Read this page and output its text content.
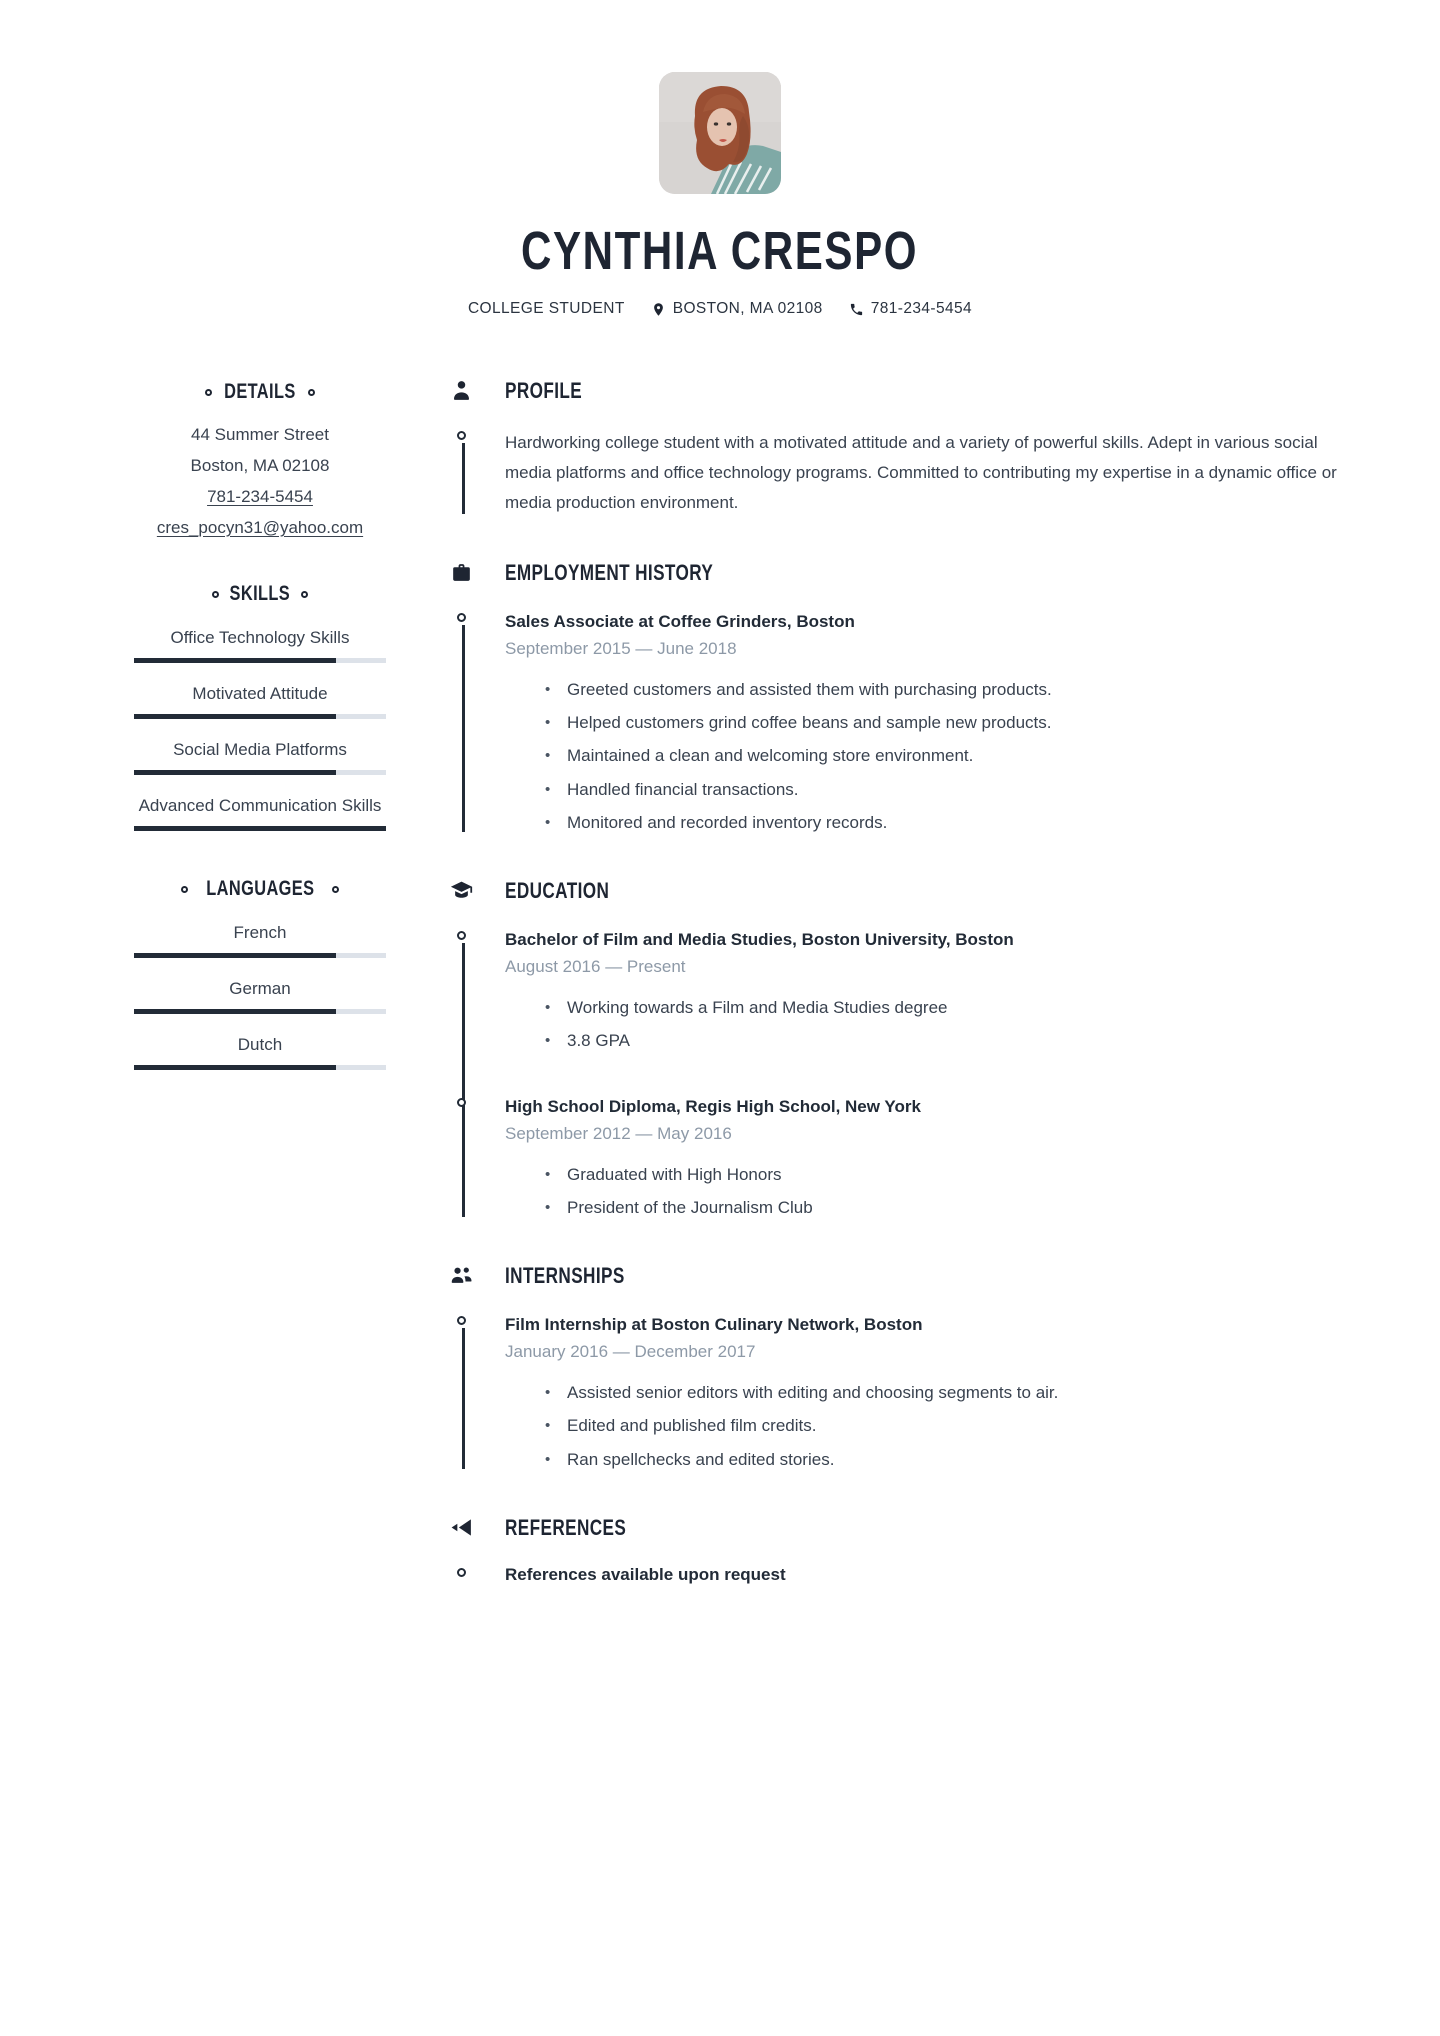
CYNTHIA CRESPO
COLLEGE STUDENT	BOSTON, MA 02108	781-234-5454
DETAILS
44 Summer Street
Boston, MA 02108
781-234-5454
cres_pocyn31@yahoo.com
SKILLS
Office Technology Skills
Motivated Attitude
Social Media Platforms
Advanced Communication Skills
LANGUAGES
French
German
Dutch
PROFILE

Hardworking college student with a motivated attitude and a variety of powerful skills. Adept in various social media platforms and office technology programs. Committed to contributing my expertise in a dynamic office or media production environment.

EMPLOYMENT HISTORY
Sales Associate at Coffee Grinders, Boston
September 2015 — June 2018
• Greeted customers and assisted them with purchasing products.
• Helped customers grind coffee beans and sample new products.
• Maintained a clean and welcoming store environment.
• Handled financial transactions.
• Monitored and recorded inventory records.
EDUCATION
Bachelor of Film and Media Studies, Boston University, Boston
August 2016 — Present
• Working towards a Film and Media Studies degree
• 3.8 GPA
High School Diploma, Regis High School, New York
September 2012 — May 2016
• Graduated with High Honors
• President of the Journalism Club
INTERNSHIPS
Film Internship at Boston Culinary Network, Boston
January 2016 — December 2017
• Assisted senior editors with editing and choosing segments to air.
• Edited and published film credits.
• Ran spellchecks and edited stories.
REFERENCES
References available upon request
